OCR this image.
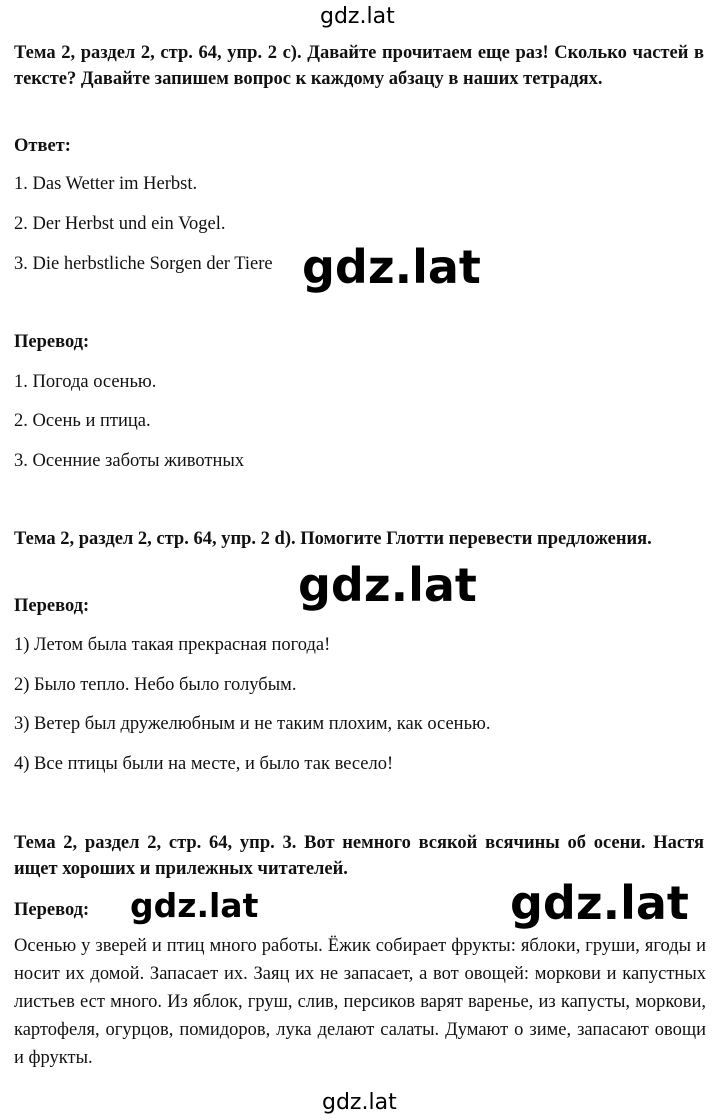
gdz.lat

Тема 2, раздел 2, стр. 64, упр. 2 c). Давайте прочитаем еще раз! Сколько частей в тексте? Давайте запишем вопрос к каждому абзацу в наших тетрадях.

Ответ:

1. Das Wetter im Herbst.

2. Der Herbst und ein Vogel.

3. Die herbstliche Sorgen der Tiere gdz.lat

Перевод:

1. Погода осенью.

2. Осень и птица.

3. Осенние заботы животных

Тема 2, раздел 2, стр. 64, упр. 2 d). Помогите Глотти перевести предложения.

gdz.lat

Перевод:

1) Летом была такая прекрасная погода!

2) Было тепло. Небо было голубым.

3) Ветер был дружелюбным и не таким плохим, как осенью.

4) Все птицы были на месте, и было так весело!

Тема 2, раздел 2, стр. 64, упр. 3. Вот немного всякой всячины об осени. Настя ищет хороших и прилежных читателей.

Перевод: gdz.lat	gdz.lat

Осенью у зверей и птиц много работы. Ёжик собирает фрукты: яблоки, груши, ягоды и носит их домой. Запасает их. Заяц их не запасает, а вот овощей: моркови и капустных листьев ест много. Из яблок, груш, слив, персиков варят варенье, из капусты, моркови, картофеля, огурцов, помидоров, лука делают салаты. Думают о зиме, запасают овощи и фрукты.

gdz.lat
